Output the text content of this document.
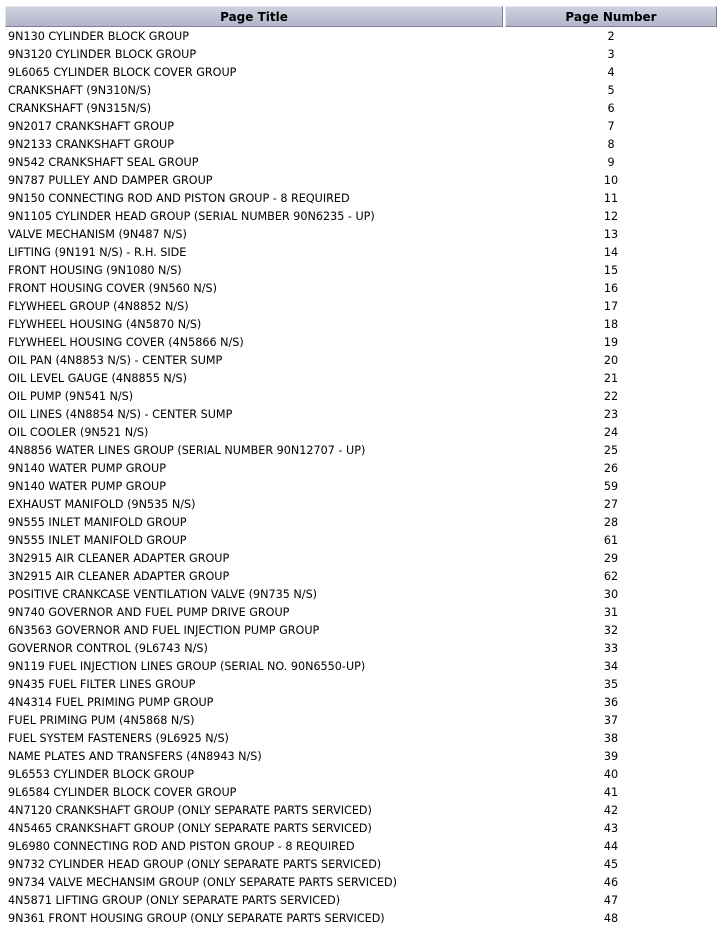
Page Title	Page Number
9N130 CYLINDER BLOCK GROUP	2
9N3120 CYLINDER BLOCK GROUP	3
9L6065 CYLINDER BLOCK COVER GROUP	4
CRANKSHAFT (9N310N/S)	5
CRANKSHAFT (9N315N/S)	6
9N2017 CRANKSHAFT GROUP	7
9N2133 CRANKSHAFT GROUP	8
9N542 CRANKSHAFT SEAL GROUP	9
9N787 PULLEY AND DAMPER GROUP	10
9N150 CONNECTING ROD AND PISTON GROUP - 8 REQUIRED	11
9N1105 CYLINDER HEAD GROUP (SERIAL NUMBER 90N6235 - UP)	12
VALVE MECHANISM (9N487 N/S)	13
LIFTING (9N191 N/S) - R.H. SIDE	14
FRONT HOUSING (9N1080 N/S)	15
FRONT HOUSING COVER (9N560 N/S)	16
FLYWHEEL GROUP (4N8852 N/S)	17
FLYWHEEL HOUSING (4N5870 N/S)	18
FLYWHEEL HOUSING COVER (4N5866 N/S)	19
OIL PAN (4N8853 N/S) - CENTER SUMP	20
OIL LEVEL GAUGE (4N8855 N/S)	21
OIL PUMP (9N541 N/S)	22
OIL LINES (4N8854 N/S) - CENTER SUMP	23
OIL COOLER (9N521 N/S)	24
4N8856 WATER LINES GROUP (SERIAL NUMBER 90N12707 - UP)	25
9N140 WATER PUMP GROUP	26
9N140 WATER PUMP GROUP	59
EXHAUST MANIFOLD (9N535 N/S)	27
9N555 INLET MANIFOLD GROUP	28
9N555 INLET MANIFOLD GROUP	61
3N2915 AIR CLEANER ADAPTER GROUP	29
3N2915 AIR CLEANER ADAPTER GROUP	62
POSITIVE CRANKCASE VENTILATION VALVE (9N735 N/S)	30
9N740 GOVERNOR AND FUEL PUMP DRIVE GROUP	31
6N3563 GOVERNOR AND FUEL INJECTION PUMP GROUP	32
GOVERNOR CONTROL (9L6743 N/S)	33
9N119 FUEL INJECTION LINES GROUP (SERIAL NO. 90N6550-UP)	34
9N435 FUEL FILTER LINES GROUP	35
4N4314 FUEL PRIMING PUMP GROUP	36
FUEL PRIMING PUM (4N5868 N/S)	37
FUEL SYSTEM FASTENERS (9L6925 N/S)	38
NAME PLATES AND TRANSFERS (4N8943 N/S)	39
9L6553 CYLINDER BLOCK GROUP	40
9L6584 CYLINDER BLOCK COVER GROUP	41
4N7120 CRANKSHAFT GROUP (ONLY SEPARATE PARTS SERVICED)	42
4N5465 CRANKSHAFT GROUP (ONLY SEPARATE PARTS SERVICED)	43
9L6980 CONNECTING ROD AND PISTON GROUP - 8 REQUIRED	44
9N732 CYLINDER HEAD GROUP (ONLY SEPARATE PARTS SERVICED)	45
9N734 VALVE MECHANSIM GROUP (ONLY SEPARATE PARTS SERVICED)	46
4N5871 LIFTING GROUP (ONLY SEPARATE PARTS SERVICED)	47
9N361 FRONT HOUSING GROUP (ONLY SEPARATE PARTS SERVICED)	48
